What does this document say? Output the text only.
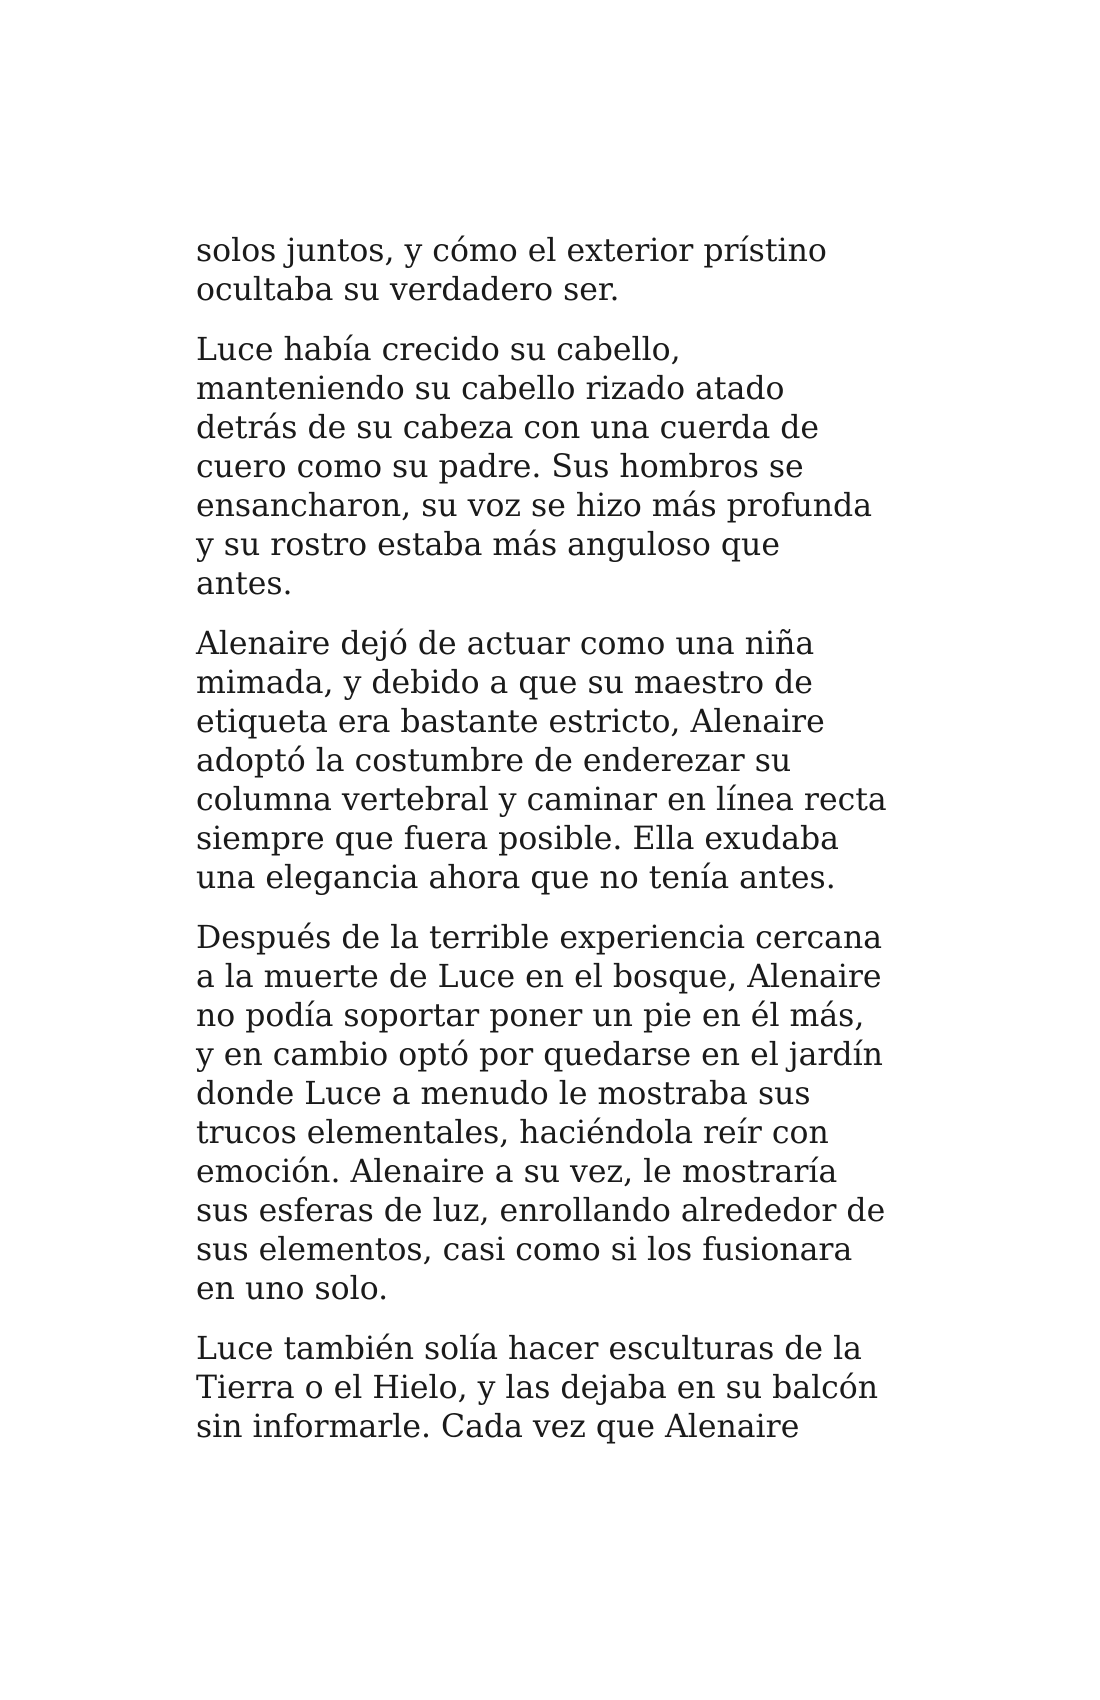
solos juntos, y cómo el exterior prístino
ocultaba su verdadero ser.

Luce había crecido su cabello,
manteniendo su cabello rizado atado
detrás de su cabeza con una cuerda de
cuero como su padre. Sus hombros se
ensancharon, su voz se hizo más profunda
y su rostro estaba más anguloso que
antes.

Alenaire dejó de actuar como una niña
mimada, y debido a que su maestro de
etiqueta era bastante estricto, Alenaire
adoptó la costumbre de enderezar su
columna vertebral y caminar en línea recta
siempre que fuera posible. Ella exudaba
una elegancia ahora que no tenía antes.

Después de la terrible experiencia cercana
a la muerte de Luce en el bosque, Alenaire
no podía soportar poner un pie en él más,
y en cambio optó por quedarse en el jardín
donde Luce a menudo le mostraba sus
trucos elementales, haciéndola reír con
emoción. Alenaire a su vez, le mostraría
sus esferas de luz, enrollando alrededor de
sus elementos, casi como si los fusionara
en uno solo.

Luce también solía hacer esculturas de la
Tierra o el Hielo, y las dejaba en su balcón
sin informarle. Cada vez que Alenaire
